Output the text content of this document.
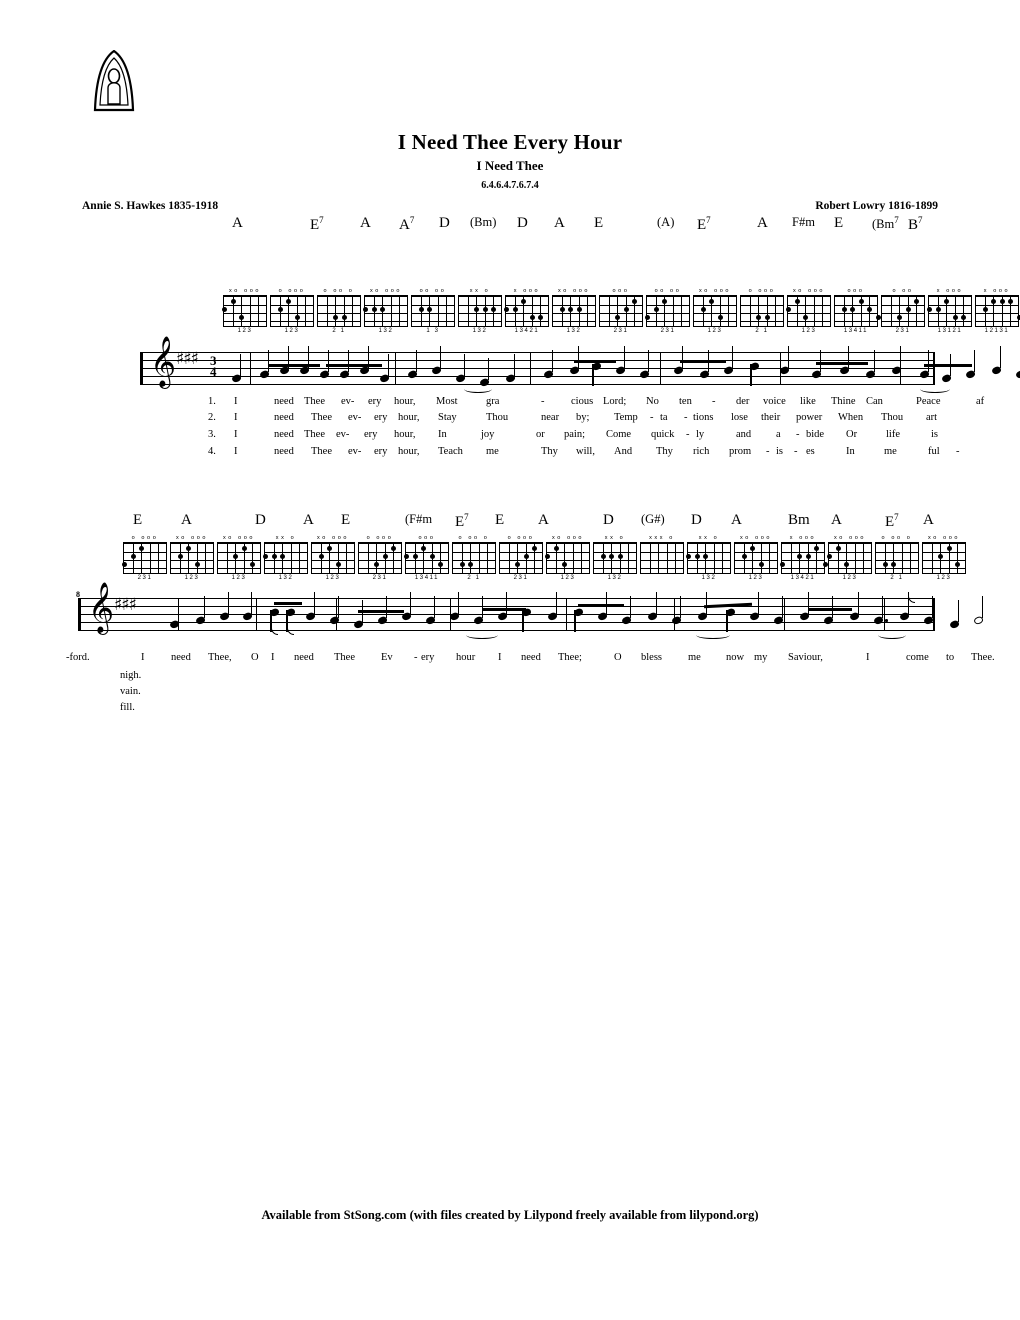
I Need Thee Every Hour
I Need Thee
6.4.6.4.7.6.7.4
Annie S. Hawkes 1835-1918	Robert Lowry 1816-1899
A	$E^7$ A $A^7$ D (Bm) D A E	(A) $E^7$	A F#m E (Bm$^7$ $B^7$
xo ooo
123
o ooo
123
o oo o
2 1
xo ooo
132
oo oo
1 3
xx o
132
x ooo
13421
xo ooo
132
ooo
231
oo oo
231
xo ooo
123
o ooo
2 1
xo ooo
123
ooo
13411
o oo
231
x ooo
13121
x ooo
12131
𝄞 ♯♯♯ 3
4
1. I	need Thee ev- ery hour, Most	gra	-	cious Lord; No ten - der voice like Thine Can	Peace	af
2. I	need Thee ev- ery hour, Stay	Thou	near by; Temp - ta - tions lose their power When Thou art
3. I	need Thee ev- ery hour, In	joy	or pain; Come quick - ly	and a - bide Or	life	is
4. I	need Thee ev- ery hour, Teach me	Thy will, And Thy rich prom - is - es	In	me	ful -
E	A	D A E	(F#m $E^7$ E A	D (G#) D A	Bm A	$E^7$ A
o ooo
231
xo ooo
123
xo ooo
123
xx o
132
xo ooo
123
o ooo
231
ooo
13411
o oo o
2 1
o ooo
231
xo ooo
123
xx o
132
xxx o	xx o
132
xo ooo
123
x ooo
13421
xo ooo
123
o oo o
2 1
xo ooo
123
𝄞 ♯♯♯
8
-ford.	I	need Thee, O I need Thee Ev - ery hour I need Thee;	O bless me now my Saviour,	I	come to Thee.
nigh.
vain.
fill.
Available from StSong.com (with files created by Lilypond freely available from lilypond.org)
